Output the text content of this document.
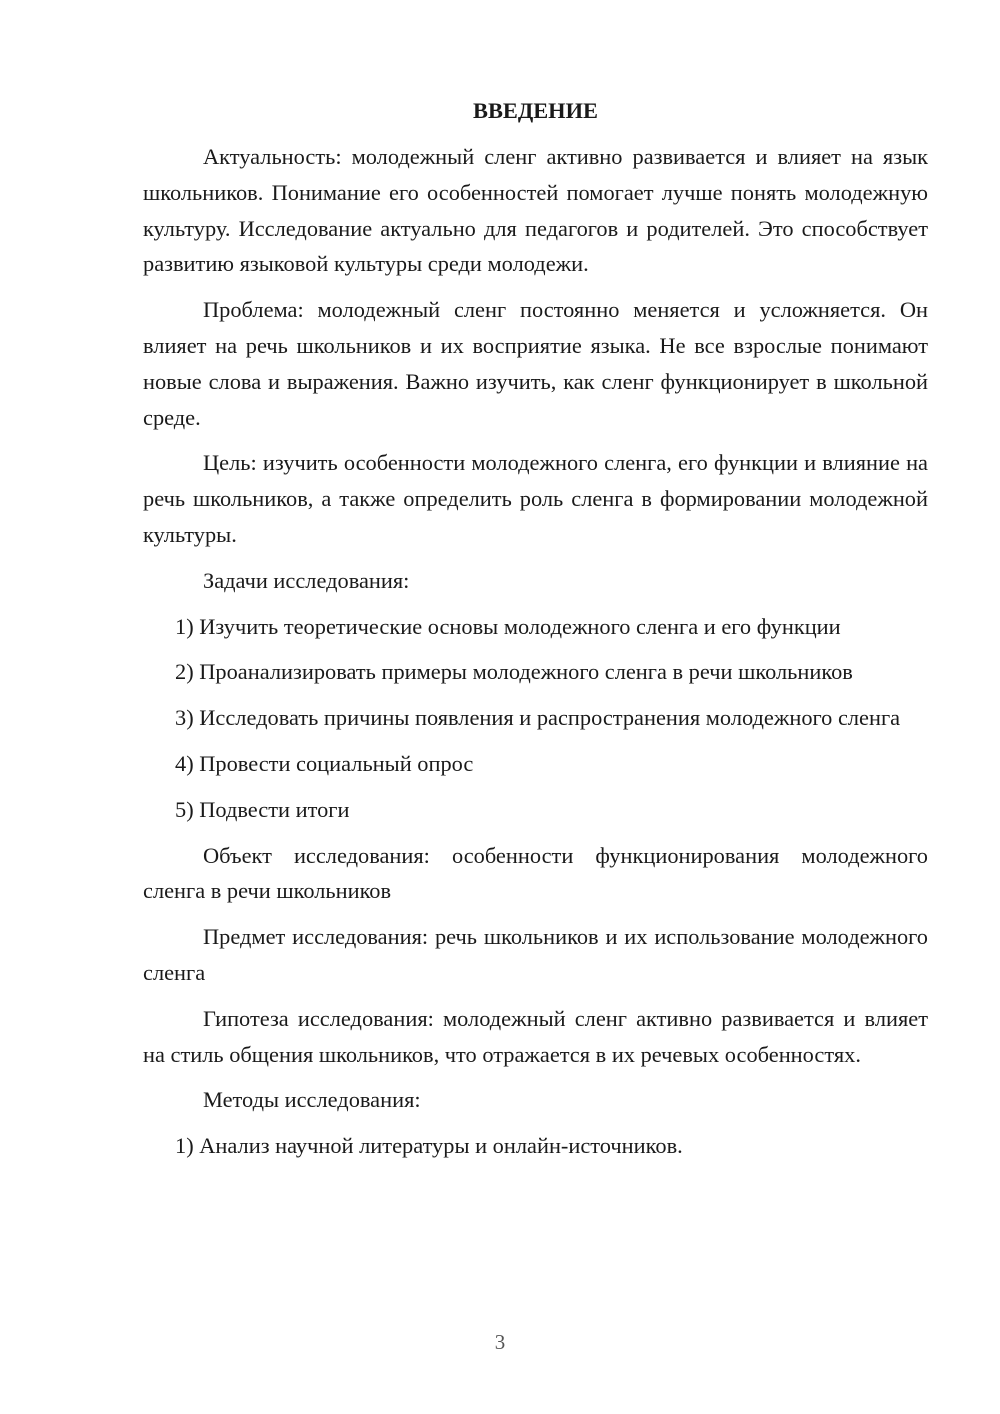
ВВЕДЕНИЕ

Актуальность: молодежный сленг активно развивается и влияет на язык школьников. Понимание его особенностей помогает лучше понять молодежную культуру. Исследование актуально для педагогов и родителей. Это способствует развитию языковой культуры среди молодежи.

Проблема: молодежный сленг постоянно меняется и усложняется. Он влияет на речь школьников и их восприятие языка. Не все взрослые понимают новые слова и выражения. Важно изучить, как сленг функционирует в школьной среде.

Цель: изучить особенности молодежного сленга, его функции и влияние на речь школьников, а также определить роль сленга в формировании молодежной культуры.

Задачи исследования:

1) Изучить теоретические основы молодежного сленга и его функции

2) Проанализировать примеры молодежного сленга в речи школьников

3) Исследовать причины появления и распространения молодежного сленга

4) Провести социальный опрос

5) Подвести итоги

Объект исследования: особенности функционирования молодежного сленга в речи школьников

Предмет исследования: речь школьников и их использование молодежного сленга

Гипотеза исследования: молодежный сленг активно развивается и влияет на стиль общения школьников, что отражается в их речевых особенностях.

Методы исследования:

1) Анализ научной литературы и онлайн-источников.

3
